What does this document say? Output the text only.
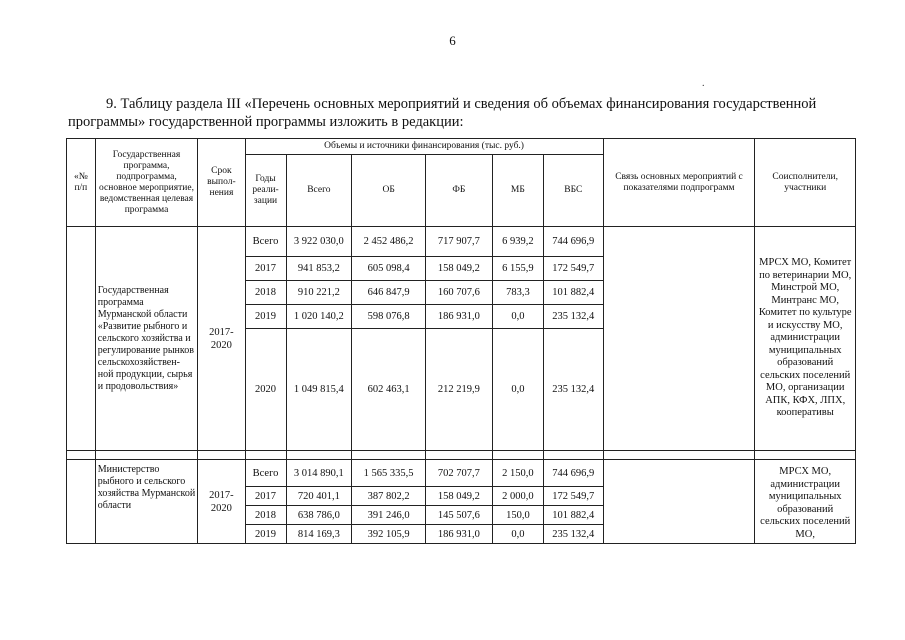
6
9. Таблицу раздела III «Перечень основных мероприятий и сведения об объемах финансирования государственной
программы» государственной программы изложить в редакции:
.
«№ п/п	Государственная программа, подпрограмма, основное мероприятие, ведомственная целевая программа	Срок выпол-нения	Объемы и источники финансирования (тыс. руб.)						Связь основных мероприятий с показателями подпрограмм	Соисполнители, участники
			Годы реали-зации	Всего	ОБ	ФБ	МБ	ВБС		
	Государственная программа Мурманской области «Развитие рыбного и сельского хозяйства и регулирование рынков сельскохозяйствен-ной продукции, сырья и продовольствия»	2017-2020	Всего	3 922 030,0	2 452 486,2	717 907,7	6 939,2	744 696,9		МРСХ МО, Комитет по ветеринарии МО, Минстрой МО, Минтранс МО, Комитет по культуре и искусству МО, администрации муниципальных образований сельских поселений МО, организации АПК, КФХ, ЛПХ, кооперативы
			2017	941 853,2	605 098,4	158 049,2	6 155,9	172 549,7		
			2018	910 221,2	646 847,9	160 707,6	783,3	101 882,4		
			2019	1 020 140,2	598 076,8	186 931,0	0,0	235 132,4		
			2020	1 049 815,4	602 463,1	212 219,9	0,0	235 132,4		

	Министерство рыбного и сельского хозяйства Мурманской области	2017-2020	Всего	3 014 890,1	1 565 335,5	702 707,7	2 150,0	744 696,9		МРСХ МО, администрации муниципальных образований сельских поселений МО,
			2017	720 401,1	387 802,2	158 049,2	2 000,0	172 549,7		
			2018	638 786,0	391 246,0	145 507,6	150,0	101 882,4		
			2019	814 169,3	392 105,9	186 931,0	0,0	235 132,4		
